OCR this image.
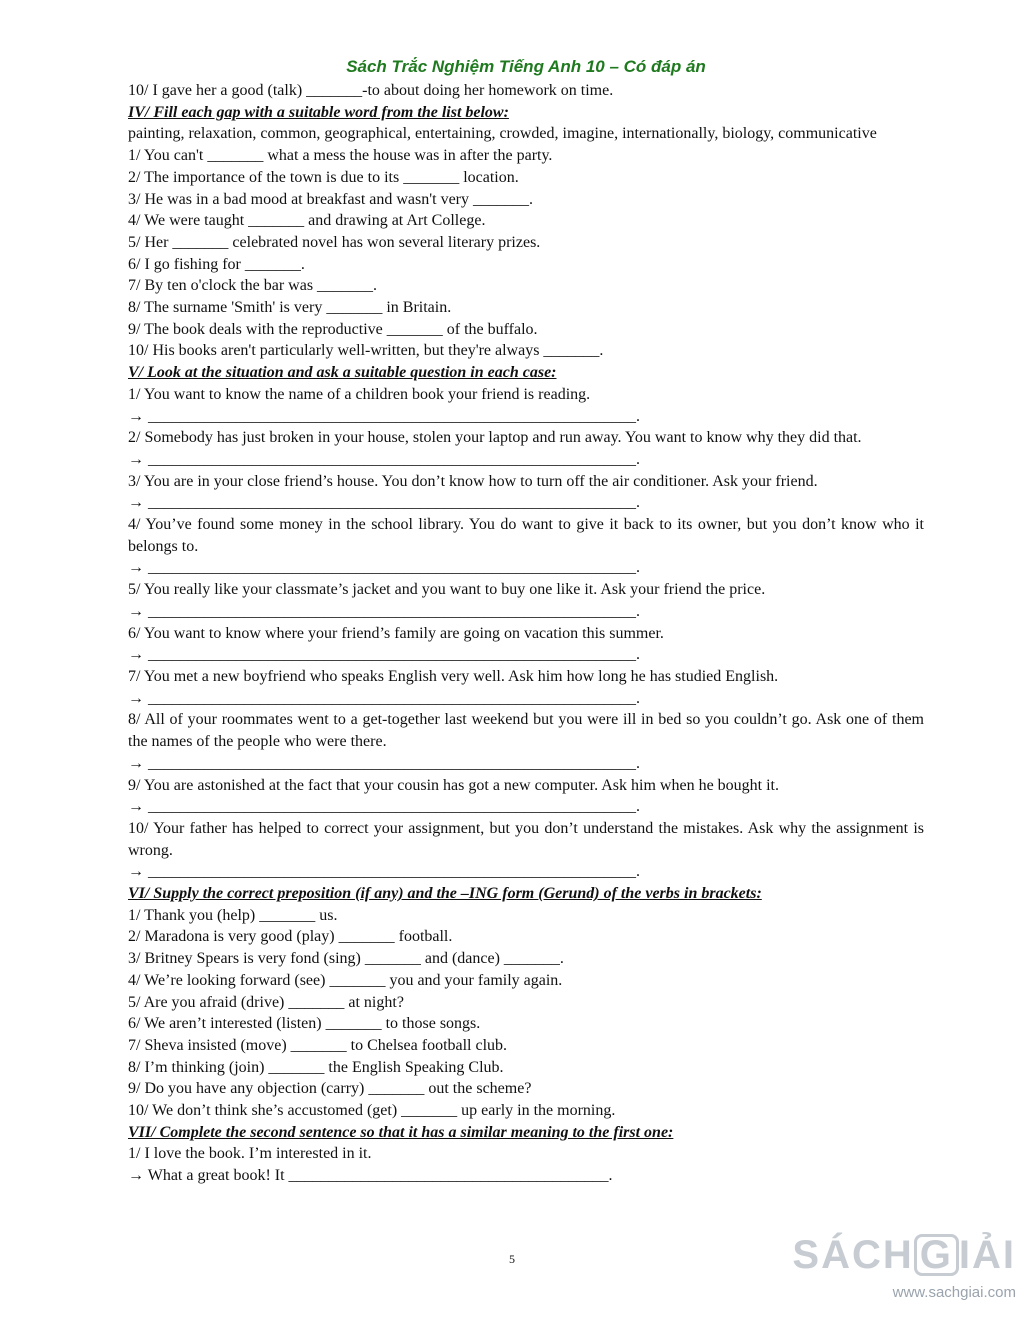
Sách Trắc Nghiệm Tiếng Anh 10 – Có đáp án
10/ I gave her a good (talk) _______-to about doing her homework on time.
IV/ Fill each gap with a suitable word from the list below:
painting, relaxation, common, geographical, entertaining, crowded, imagine, internationally, biology, communicative
1/ You can't _______ what a mess the house was in after the party.
2/ The importance of the town is due to its _______ location.
3/ He was in a bad mood at breakfast and wasn't very _______.
4/ We were taught _______ and drawing at Art College.
5/ Her _______ celebrated novel has won several literary prizes.
6/ I go fishing for _______.
7/ By ten o'clock the bar was _______.
8/ The surname 'Smith' is very _______ in Britain.
9/ The book deals with the reproductive _______ of the buffalo.
10/ His books aren't particularly well-written, but they're always _______.
V/ Look at the situation and ask a suitable question in each case:
1/ You want to know the name of a children book your friend is reading.
→ _____________________________________________________________.
2/ Somebody has just broken in your house, stolen your laptop and run away. You want to know why they did that.
→ _____________________________________________________________.
3/ You are in your close friend’s house. You don’t know how to turn off the air conditioner. Ask your friend.
→ _____________________________________________________________.
4/ You’ve found some money in the school library. You do want to give it back to its owner, but you don’t know who it belongs to.
→ _____________________________________________________________.
5/ You really like your classmate’s jacket and you want to buy one like it. Ask your friend the price.
→ _____________________________________________________________.
6/ You want to know where your friend’s family are going on vacation this summer.
→ _____________________________________________________________.
7/ You met a new boyfriend who speaks English very well. Ask him how long he has studied English.
→ _____________________________________________________________.
8/ All of your roommates went to a get-together last weekend but you were ill in bed so you couldn’t go. Ask one of them the names of the people who were there.
→ _____________________________________________________________.
9/ You are astonished at the fact that your cousin has got a new computer. Ask him when he bought it.
→ _____________________________________________________________.
10/ Your father has helped to correct your assignment, but you don’t understand the mistakes. Ask why the assignment is wrong.
→ _____________________________________________________________.
VI/ Supply the correct preposition (if any) and the –ING form (Gerund) of the verbs in brackets:
1/ Thank you (help) _______ us.
2/ Maradona is very good (play) _______ football.
3/ Britney Spears is very fond (sing) _______ and (dance) _______.
4/ We’re looking forward (see) _______ you and your family again.
5/ Are you afraid (drive) _______ at night?
6/ We aren’t interested (listen) _______ to those songs.
7/ Sheva insisted (move) _______ to Chelsea football club.
8/ I’m thinking (join) _______ the English Speaking Club.
9/ Do you have any objection (carry) _______ out the scheme?
10/ We don’t think she’s accustomed (get) _______ up early in the morning.
VII/ Complete the second sentence so that it has a similar meaning to the first one:
1/ I love the book. I’m interested in it.
→ What a great book! It ________________________________________.
5	SÁCH G IẢI
www.sachgiai.com
